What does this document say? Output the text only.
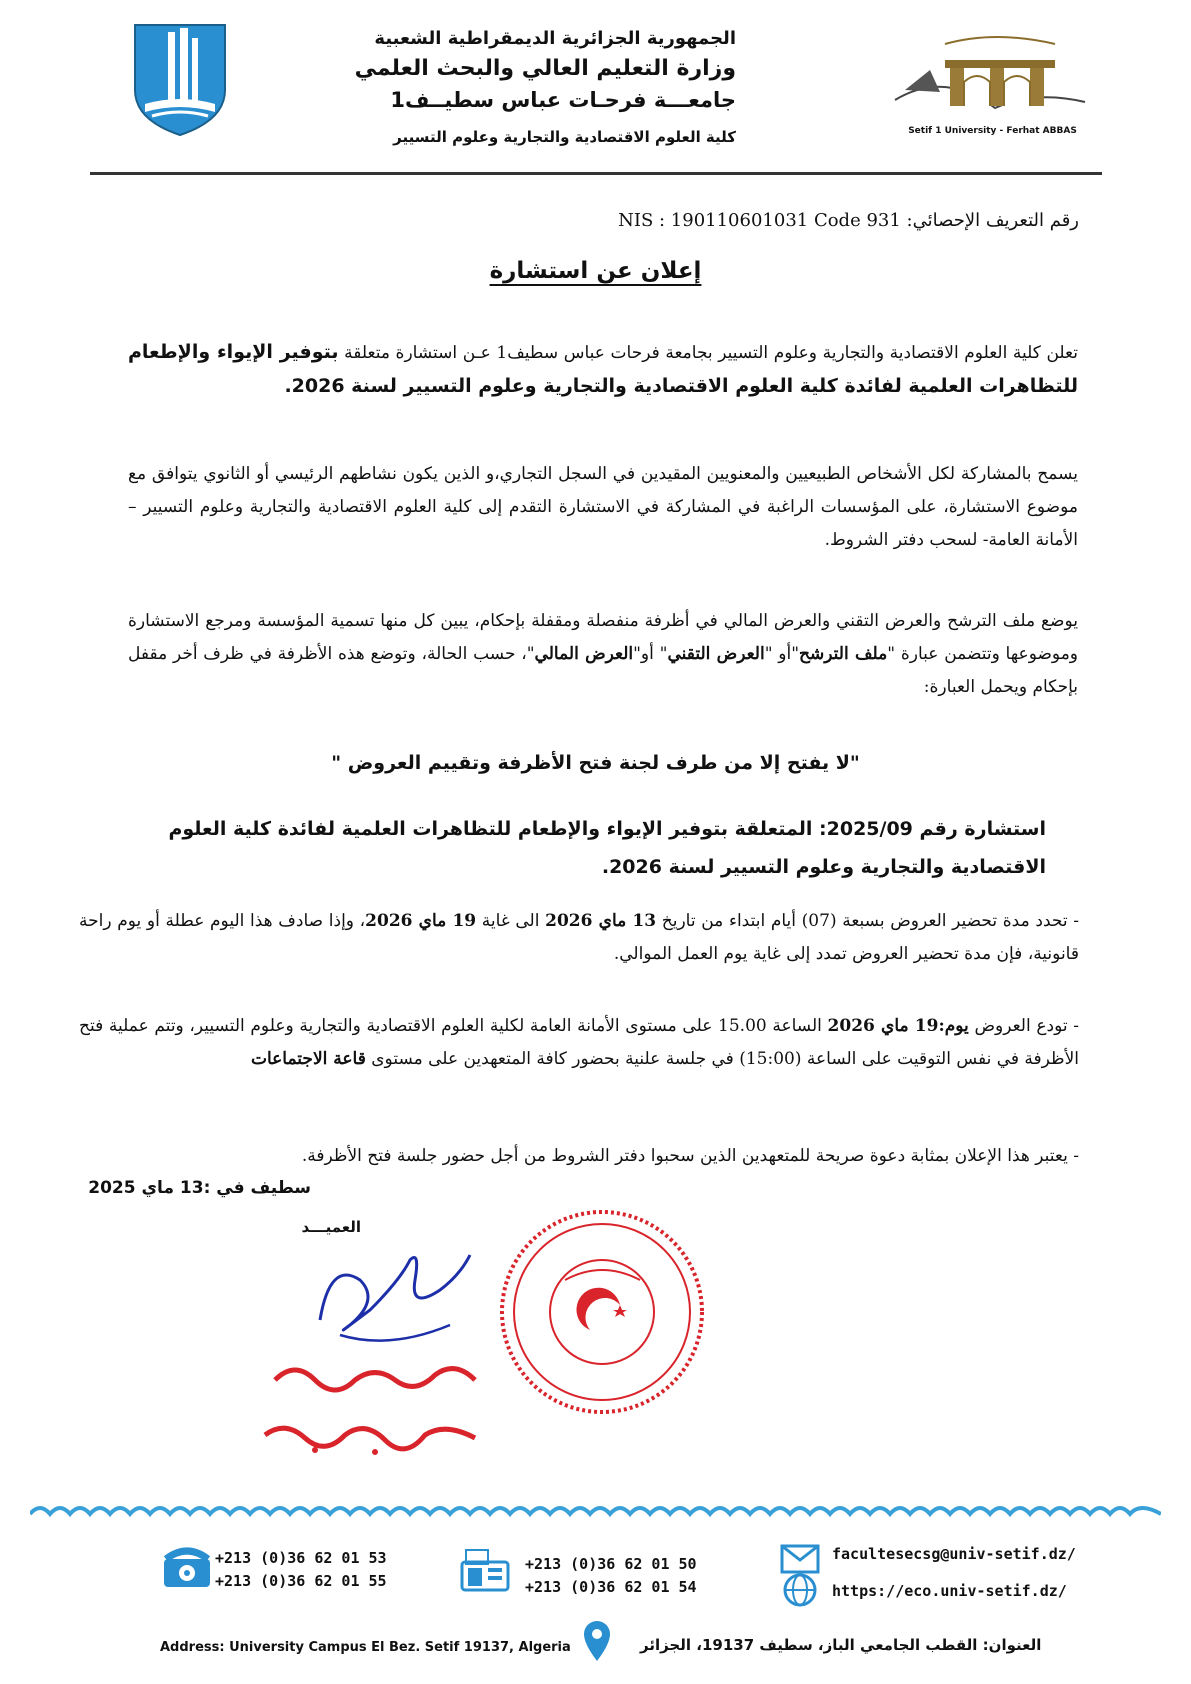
الجمهورية الجزائرية الديمقراطية الشعبية
وزارة التعليم العالي والبحث العلمي
جامعـــة فرحـات عباس سطيــف1
كلية العلوم الاقتصادية والتجارية وعلوم التسيير	Setif 1 University - Ferhat ABBAS
رقم التعريف الإحصائي: NIS : 190110601031 Code 931
إعلان عن استشارة
تعلن كلية العلوم الاقتصادية والتجارية وعلوم التسيير بجامعة فرحات عباس سطيف1 عـن استشارة متعلقة بتوفير الإيواء والإطعام للتظاهرات العلمية لفائدة كلية العلوم الاقتصادية والتجارية وعلوم التسيير لسنة 2026.
يسمح بالمشاركة لكل الأشخاص الطبيعيين والمعنويين المقيدين في السجل التجاري،و الذين يكون نشاطهم الرئيسي أو الثانوي يتوافق مع موضوع الاستشارة، على المؤسسات الراغبة في المشاركة في الاستشارة التقدم إلى كلية العلوم الاقتصادية والتجارية وعلوم التسيير – الأمانة العامة- لسحب دفتر الشروط.
يوضع ملف الترشح والعرض التقني والعرض المالي في أظرفة منفصلة ومقفلة بإحكام، يبين كل منها تسمية المؤسسة ومرجع الاستشارة وموضوعها وتتضمن عبارة "ملف الترشح"أو "العرض التقني" أو"العرض المالي"، حسب الحالة، وتوضع هذه الأظرفة في ظرف أخر مقفل بإحكام ويحمل العبارة:
"لا يفتح إلا من طرف لجنة فتح الأظرفة وتقييم العروض "
استشارة رقم 2025/09: المتعلقة بتوفير الإيواء والإطعام للتظاهرات العلمية لفائدة كلية العلوم الاقتصادية والتجارية وعلوم التسيير لسنة 2026.
- تحدد مدة تحضير العروض بسبعة (07) أيام ابتداء من تاريخ 13 ماي 2026 الى غاية 19 ماي 2026، وإذا صادف هذا اليوم عطلة أو يوم راحة قانونية، فإن مدة تحضير العروض تمدد إلى غاية يوم العمل الموالي.
- تودع العروض يوم:19 ماي 2026 الساعة 15.00 على مستوى الأمانة العامة لكلية العلوم الاقتصادية والتجارية وعلوم التسيير، وتتم عملية فتح الأظرفة في نفس التوقيت على الساعة (15:00) في جلسة علنية بحضور كافة المتعهدين على مستوى قاعة الاجتماعات
- يعتبر هذا الإعلان بمثابة دعوة صريحة للمتعهدين الذين سحبوا دفتر الشروط من أجل حضور جلسة فتح الأظرفة.
سطيف في :13 ماي 2025
العميـــد
+213 (0)36 62 01 53
+213 (0)36 62 01 55
+213 (0)36 62 01 50
+213 (0)36 62 01 54
facultesecsg@univ-setif.dz/
https://eco.univ-setif.dz/
Address: University Campus El Bez. Setif 19137, Algeria	العنوان: القطب الجامعي الباز، سطيف 19137، الجزائر
